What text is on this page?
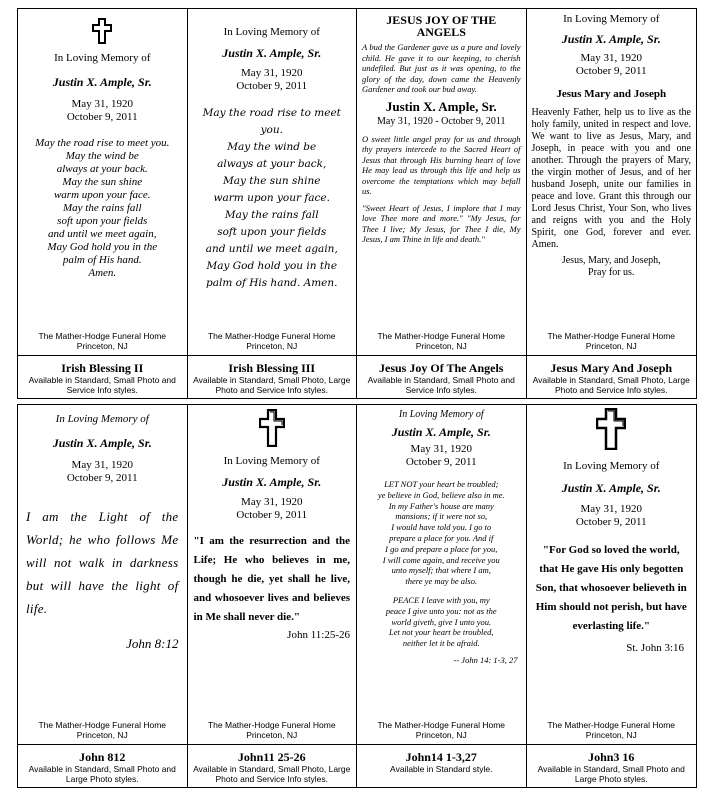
In Loving Memory of
Justin X. Ample, Sr.
May 31, 1920
October 9, 2011
May the road rise to meet you.
May the wind be
always at your back.
May the sun shine
warm upon your face.
May the rains fall
soft upon your fields
and until we meet again,
May God hold you in the
palm of His hand.
Amen.
The Mather-Hodge Funeral Home
Princeton, NJ
In Loving Memory of
Justin X. Ample, Sr.
May 31, 1920
October 9, 2011
May the road rise to meet you.
May the wind be
always at your back,
May the sun shine
warm upon your face.
May the rains fall
soft upon your fields
and until we meet again,
May God hold you in the
palm of His hand. Amen.
The Mather-Hodge Funeral Home
Princeton, NJ
JESUS JOY OF THE ANGELS
A bud the Gardener gave us a pure and lovely child. He gave it to our keeping, to cherish undefiled. But just as it was opening, to the glory of the day, down came the Heavenly Gardener and took our bud away.
Justin X. Ample, Sr.
May 31, 1920 - October 9, 2011
O sweet little angel pray for us and through thy prayers intercede to the Sacred Heart of Jesus that through His burning heart of love He may lead us through this life and help us overcome the temptations which may befall us.
"Sweet Heart of Jesus, I implore that I may love Thee more and more." "My Jesus, for Thee I live; My Jesus, for Thee I die, My Jesus, I am Thine in life and death."
The Mather-Hodge Funeral Home
Princeton, NJ
In Loving Memory of
Justin X. Ample, Sr.
May 31, 1920
October 9, 2011
Jesus Mary and Joseph
Heavenly Father, help us to live as the holy family, united in respect and love. We want to live as Jesus, Mary, and Joseph, in peace with you and one another. Through the prayers of Mary, the virgin mother of Jesus, and of her husband Joseph, unite our families in peace and love. Grant this through our Lord Jesus Christ, Your Son, who lives and reigns with you and the Holy Spirit, one God, forever and ever. Amen.
Jesus, Mary, and Joseph,
Pray for us.
The Mather-Hodge Funeral Home
Princeton, NJ
Irish Blessing II
Available in Standard, Small Photo and Service Info styles.
Irish Blessing III
Available in Standard, Small Photo, Large Photo and Service Info styles.
Jesus Joy Of The Angels
Available in Standard, Small Photo and Service Info styles.
Jesus Mary And Joseph
Available in Standard, Small Photo, Large Photo and Service Info styles.
In Loving Memory of
Justin X. Ample, Sr.
May 31, 1920
October 9, 2011
I am the Light of the World; he who follows Me will not walk in darkness but will have the light of life.
John 8:12
The Mather-Hodge Funeral Home
Princeton, NJ
In Loving Memory of
Justin X. Ample, Sr.
May 31, 1920
October 9, 2011
"I am the resurrection and the Life; He who believes in me, though he die, yet shall he live, and whosoever lives and believes in Me shall never die."
John 11:25-26
The Mather-Hodge Funeral Home
Princeton, NJ
In Loving Memory of
Justin X. Ample, Sr.
May 31, 1920
October 9, 2011
LET NOT your heart be troubled;
ye believe in God, believe also in me.
In my Father's house are many
mansions; if it were not so,
I would have told you. I go to
prepare a place for you. And if
I go and prepare a place for you,
I will come again, and receive you
unto myself; that where I am,
there ye may be also.
PEACE I leave with you, my
peace I give unto you: not as the
world giveth, give I unto you.
Let not your heart be troubled,
neither let it be afraid.
-- John 14: 1-3, 27
The Mather-Hodge Funeral Home
Princeton, NJ
In Loving Memory of
Justin X. Ample, Sr.
May 31, 1920
October 9, 2011
"For God so loved the world, that He gave His only begotten Son, that whosoever believeth in Him should not perish, but have everlasting life."
St. John 3:16
The Mather-Hodge Funeral Home
Princeton, NJ
John 812
Available in Standard, Small Photo and Large Photo styles.
John11 25-26
Available in Standard, Small Photo, Large Photo and Service Info styles.
John14 1-3,27
Available in Standard style.
John3 16
Available in Standard, Small Photo and Large Photo styles.
